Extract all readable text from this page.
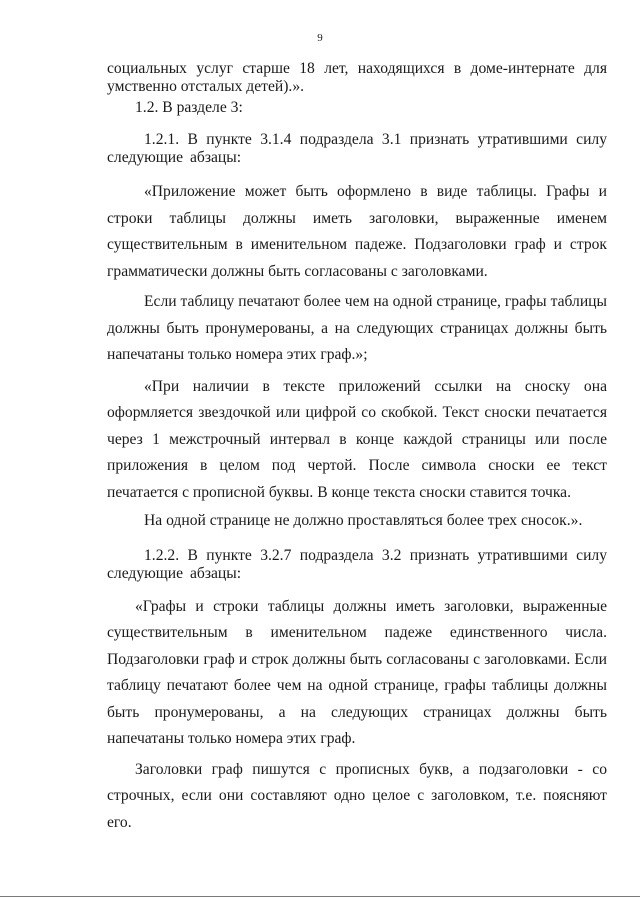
9

социальных услуг старше 18 лет, находящихся в доме-интернате для умственно отсталых детей).».

1.2. В разделе 3:

1.2.1. В пункте 3.1.4 подраздела 3.1 признать утратившими силу следующие абзацы:

«Приложение может быть оформлено в виде таблицы. Графы и строки таблицы должны иметь заголовки, выраженные именем существительным в именительном падеже. Подзаголовки граф и строк грамматически должны быть согласованы с заголовками.

Если таблицу печатают более чем на одной странице, графы таблицы должны быть пронумерованы, а на следующих страницах должны быть напечатаны только номера этих граф.»;

«При наличии в тексте приложений ссылки на сноску она оформляется звездочкой или цифрой со скобкой. Текст сноски печатается через 1 межстрочный интервал в конце каждой страницы или после приложения в целом под чертой. После символа сноски ее текст печатается с прописной буквы. В конце текста сноски ставится точка.

На одной странице не должно проставляться более трех сносок.».

1.2.2. В пункте 3.2.7 подраздела 3.2 признать утратившими силу следующие абзацы:

«Графы и строки таблицы должны иметь заголовки, выраженные существительным в именительном падеже единственного числа. Подзаголовки граф и строк должны быть согласованы с заголовками. Если таблицу печатают более чем на одной странице, графы таблицы должны быть пронумерованы, а на следующих страницах должны быть напечатаны только номера этих граф.

Заголовки граф пишутся с прописных букв, а подзаголовки - со строчных, если они составляют одно целое с заголовком, т.е. поясняют его.
